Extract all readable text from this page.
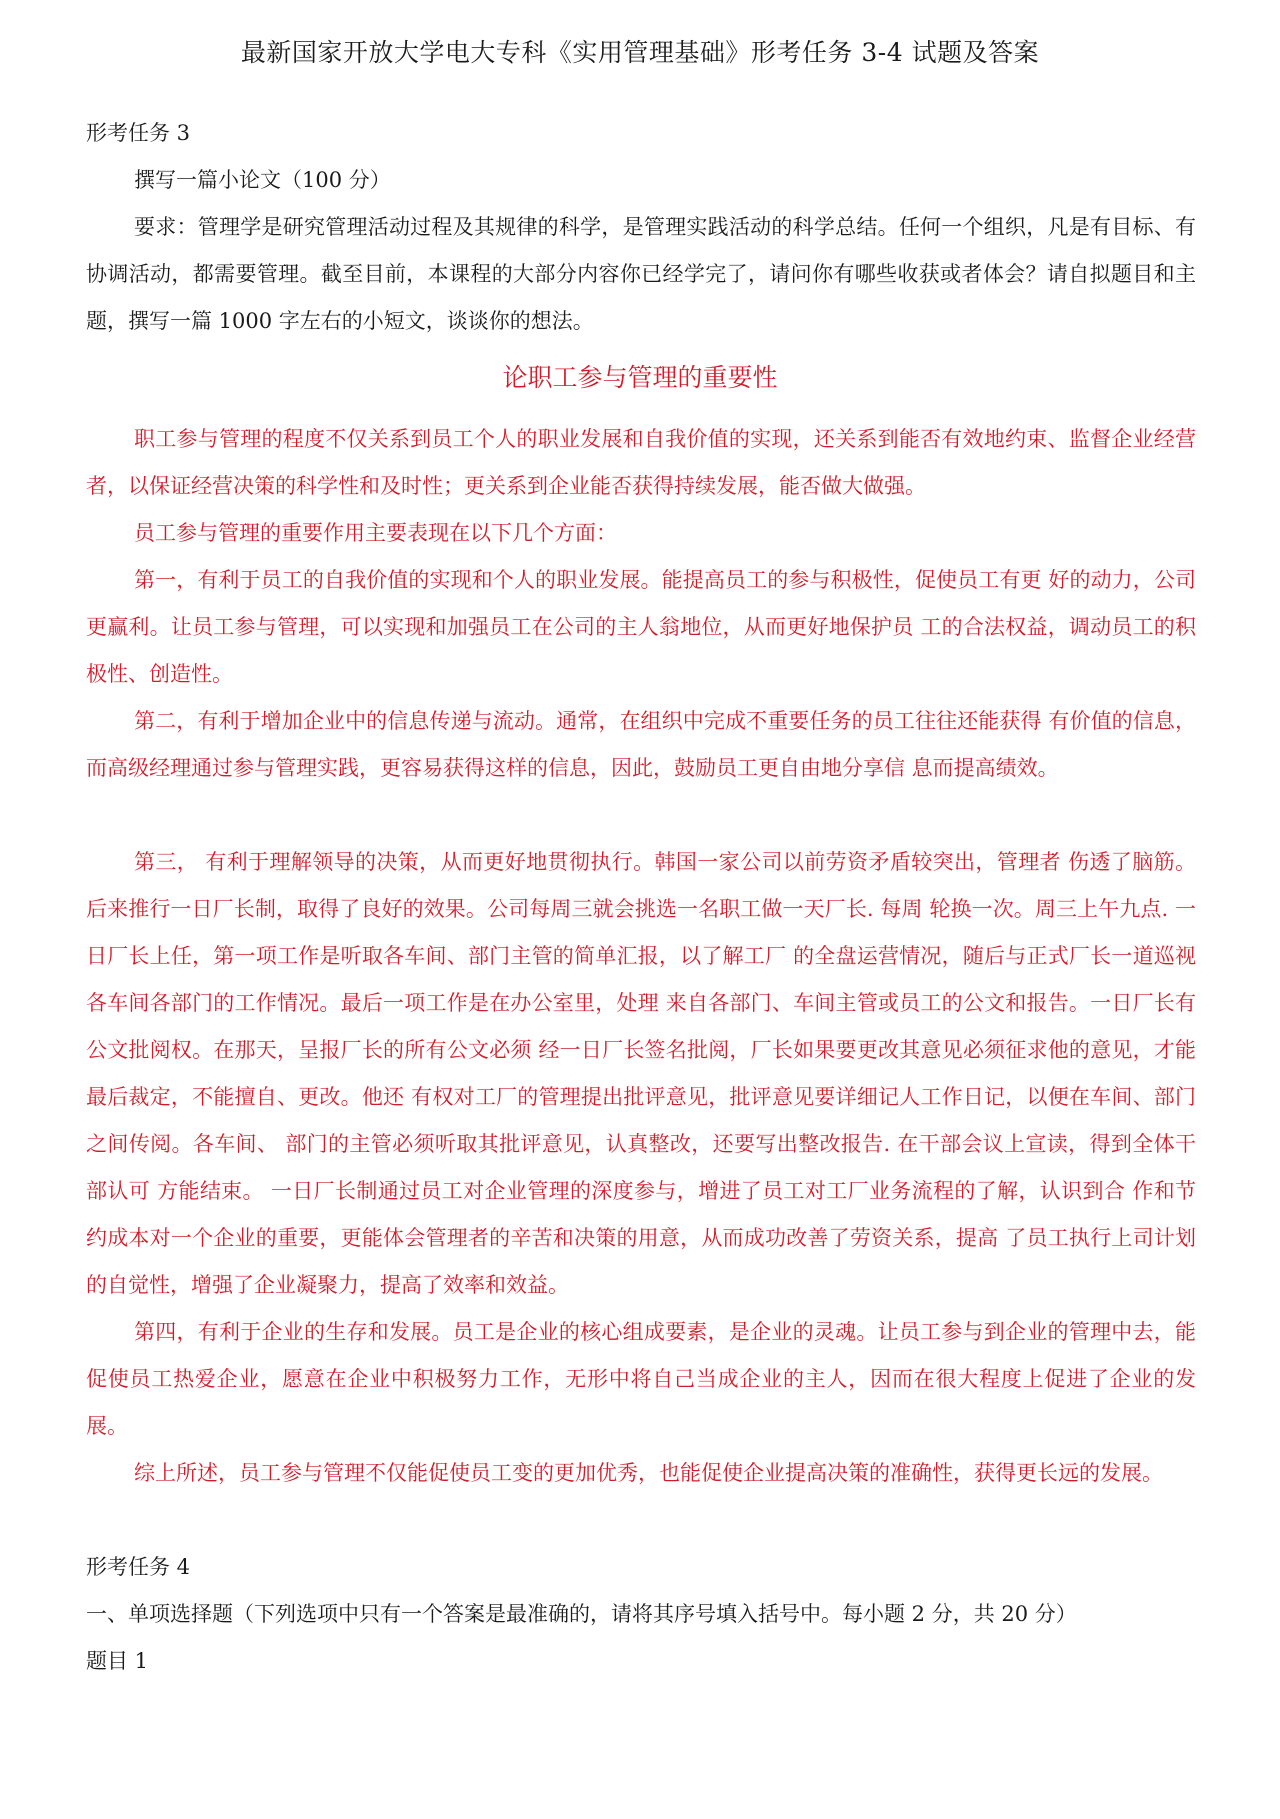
最新国家开放大学电大专科《实用管理基础》形考任务 3-4 试题及答案

形考任务 3

撰写一篇小论文（100 分）

要求：管理学是研究管理活动过程及其规律的科学，是管理实践活动的科学总结。任何一个组织，凡是有目标、有协调活动，都需要管理。截至目前，本课程的大部分内容你已经学完了，请问你有哪些收获或者体会？请自拟题目和主题，撰写一篇 1000 字左右的小短文，谈谈你的想法。

论职工参与管理的重要性

职工参与管理的程度不仅关系到员工个人的职业发展和自我价值的实现，还关系到能否有效地约束、监督企业经营者，以保证经营决策的科学性和及时性；更关系到企业能否获得持续发展，能否做大做强。

员工参与管理的重要作用主要表现在以下几个方面：

第一，有利于员工的自我价值的实现和个人的职业发展。能提高员工的参与积极性，促使员工有更 好的动力，公司更赢利。让员工参与管理，可以实现和加强员工在公司的主人翁地位，从而更好地保护员 工的合法权益，调动员工的积极性、创造性。

第二，有利于增加企业中的信息传递与流动。通常，在组织中完成不重要任务的员工往往还能获得 有价值的信息，而高级经理通过参与管理实践，更容易获得这样的信息，因此，鼓励员工更自由地分享信 息而提高绩效。

第三， 有利于理解领导的决策，从而更好地贯彻执行。韩国一家公司以前劳资矛盾较突出，管理者 伤透了脑筋。后来推行一日厂长制，取得了良好的效果。公司每周三就会挑选一名职工做一天厂长. 每周 轮换一次。周三上午九点. 一日厂长上任，第一项工作是听取各车间、部门主管的简单汇报，以了解工厂 的全盘运营情况，随后与正式厂长一道巡视各车间各部门的工作情况。最后一项工作是在办公室里，处理 来自各部门、车间主管或员工的公文和报告。一日厂长有公文批阅权。在那天，呈报厂长的所有公文必须 经一日厂长签名批阅，厂长如果要更改其意见必须征求他的意见，才能最后裁定，不能擅自、更改。他还 有权对工厂的管理提出批评意见，批评意见要详细记人工作日记，以便在车间、部门之间传阅。各车间、 部门的主管必须听取其批评意见，认真整改，还要写出整改报告. 在干部会议上宣读，得到全体干部认可 方能结束。 一日厂长制通过员工对企业管理的深度参与，增进了员工对工厂业务流程的了解，认识到合 作和节约成本对一个企业的重要，更能体会管理者的辛苦和决策的用意，从而成功改善了劳资关系，提高 了员工执行上司计划的自觉性，增强了企业凝聚力，提高了效率和效益。

第四，有利于企业的生存和发展。员工是企业的核心组成要素，是企业的灵魂。让员工参与到企业的管理中去，能促使员工热爱企业，愿意在企业中积极努力工作，无形中将自己当成企业的主人，因而在很大程度上促进了企业的发展。

综上所述，员工参与管理不仅能促使员工变的更加优秀，也能促使企业提高决策的准确性，获得更长远的发展。

形考任务 4

一、单项选择题（下列选项中只有一个答案是最准确的，请将其序号填入括号中。每小题 2 分，共 20 分）

题目 1
